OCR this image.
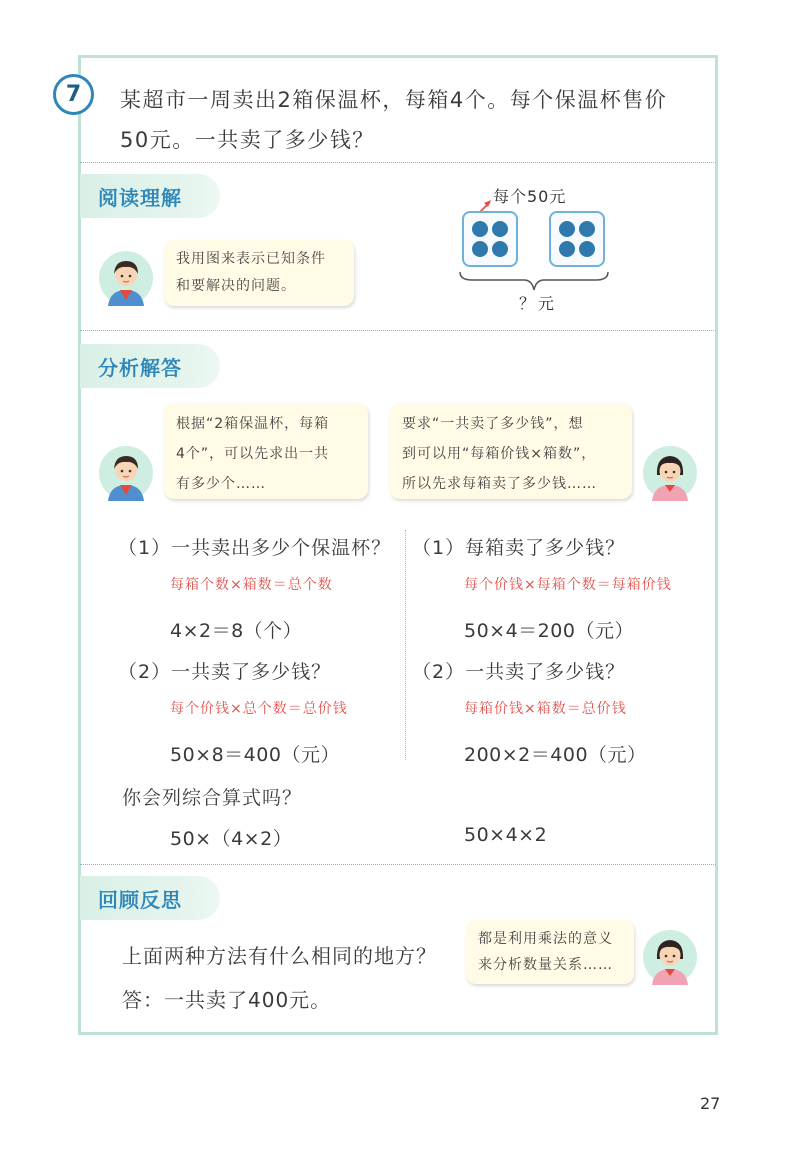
7	某超市一周卖出2箱保温杯，每箱4个。每个保温杯售价
50元。一共卖了多少钱？
阅读理解
我用图来表示已知条件
和要解决的问题。
每个50元
？元
分析解答
根据“2箱保温杯，每箱
4个”，可以先求出一共
有多少个……
要求“一共卖了多少钱”，想
到可以用“每箱价钱×箱数”，
所以先求每箱卖了多少钱……
（1）一共卖出多少个保温杯？
每箱个数×箱数＝总个数
4×2＝8（个）
（2）一共卖了多少钱？
每个价钱×总个数＝总价钱
50×8＝400（元）
（1）每箱卖了多少钱？
每个价钱×每箱个数＝每箱价钱
50×4＝200（元）
（2）一共卖了多少钱？
每箱价钱×箱数＝总价钱
200×2＝400（元）
你会列综合算式吗？
50×（4×2）	50×4×2
回顾反思
上面两种方法有什么相同的地方？
答：一共卖了400元。
都是利用乘法的意义
来分析数量关系……
27
